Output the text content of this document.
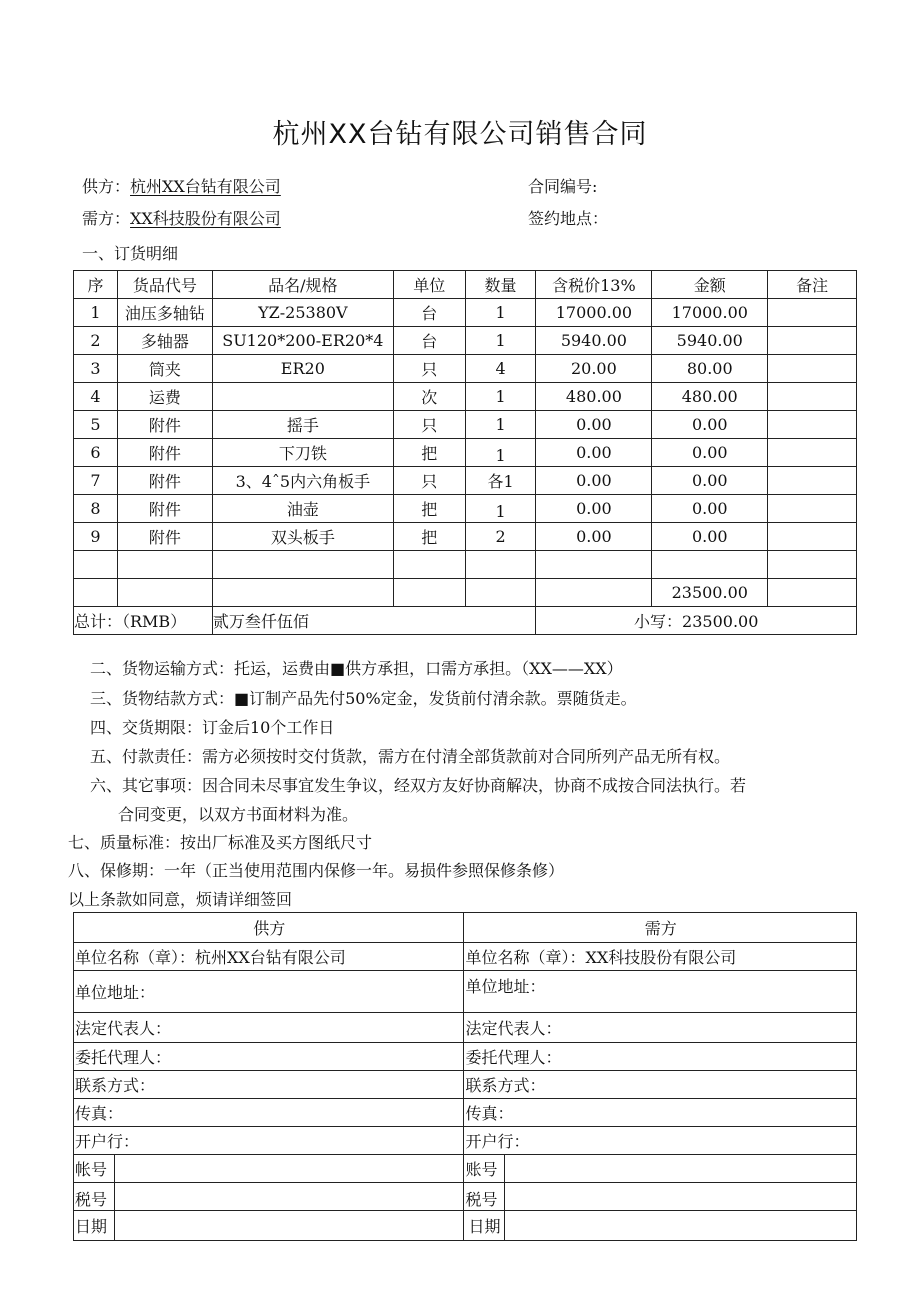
杭州XX台钻有限公司销售合同
供方：杭州XX台钻有限公司	合同编号:
需方：XX科技股份有限公司	签约地点：
一、订货明细
序	货品代号	品名/规格	单位	数量	含税价13%	金额	备注
1	油压多轴钻	YZ-25380V	台	1	17000.00	17000.00	
2	多轴器	SU120*200-ER20*4	台	1	5940.00	5940.00	
3	筒夹	ER20	只	4	20.00	80.00	
4	运费		次	1	480.00	480.00	
5	附件	摇手	只	1	0.00	0.00	
6	附件	下刀铁	把	1	0.00	0.00	
7	附件	3、4ˆ5内六角板手	只	各1	0.00	0.00	
8	附件	油壶	把	1	0.00	0.00	
9	附件	双头板手	把	2	0.00	0.00	

						23500.00	
总计：（RMB）		贰万叁仟伍佰			小写：23500.00		
二、货物运输方式：托运，运费由■供方承担，口需方承担。（XX——XX）
三、货物结款方式：■订制产品先付50%定金，发货前付清余款。票随货走。
四、交货期限：订金后10个工作日
五、付款责任：需方必须按时交付货款，需方在付清全部货款前对合同所列产品无所有权。
六、其它事项：因合同未尽事宜发生争议，经双方友好协商解决，协商不成按合同法执行。若
合同变更，以双方书面材料为准。
七、质量标准：按出厂标准及买方图纸尺寸
八、保修期：一年（正当使用范围内保修一年。易损件参照保修条修）
以上条款如同意，烦请详细签回
供方		需方	
单位名称（章）：杭州XX台钻有限公司		单位名称（章）：XX科技股份有限公司	
单位地址：		单位地址：	
法定代表人：		法定代表人：	
委托代理人：		委托代理人：	
联系方式：		联系方式：	
传真：		传真：	
开户行：		开户行：	
帐号		账号	
税号		税号	
日期		日期	
